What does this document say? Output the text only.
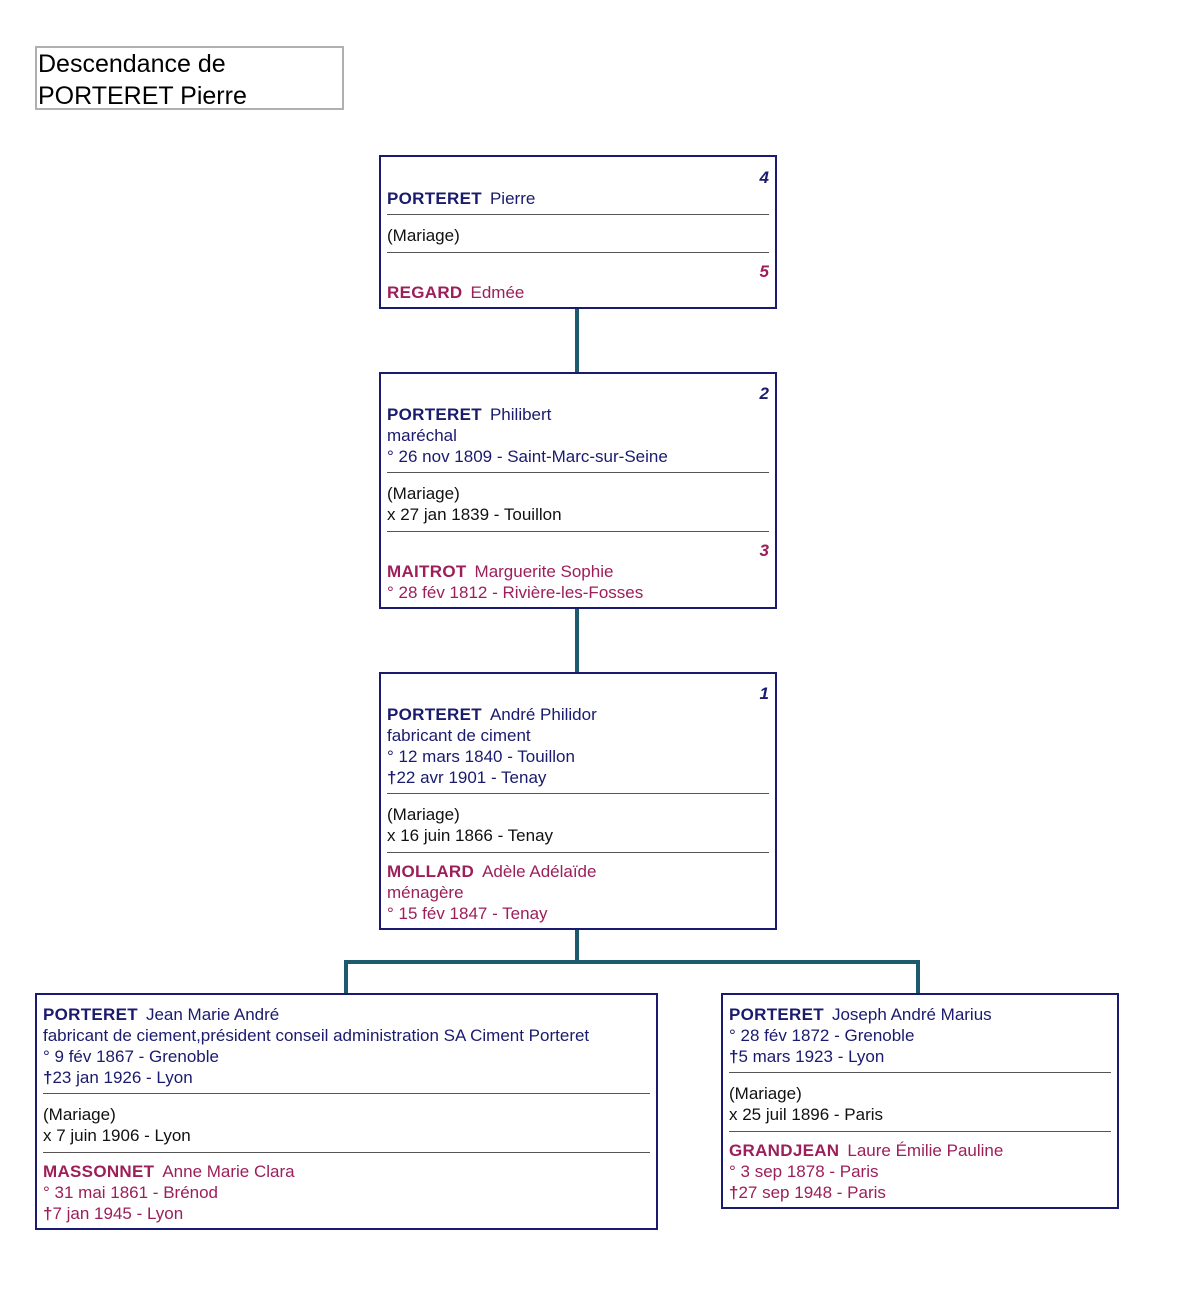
Descendance de
PORTERET Pierre
4
PORTERET Pierre
(Mariage)
5
REGARD Edmée
2
PORTERET Philibert
maréchal
° 26 nov 1809 - Saint-Marc-sur-Seine
(Mariage)
x 27 jan 1839 - Touillon
3
MAITROT Marguerite Sophie
° 28 fév 1812 - Rivière-les-Fosses
1
PORTERET André Philidor
fabricant de ciment
° 12 mars 1840 - Touillon
†22 avr 1901 - Tenay
(Mariage)
x 16 juin 1866 - Tenay
MOLLARD Adèle Adélaïde
ménagère
° 15 fév 1847 - Tenay
PORTERET Jean Marie André
fabricant de ciement,président conseil administration SA Ciment Porteret
° 9 fév 1867 - Grenoble
†23 jan 1926 - Lyon
(Mariage)
x 7 juin 1906 - Lyon
MASSONNET Anne Marie Clara
° 31 mai 1861 - Brénod
†7 jan 1945 - Lyon
PORTERET Joseph André Marius
° 28 fév 1872 - Grenoble
†5 mars 1923 - Lyon
(Mariage)
x 25 juil 1896 - Paris
GRANDJEAN Laure Émilie Pauline
° 3 sep 1878 - Paris
†27 sep 1948 - Paris
